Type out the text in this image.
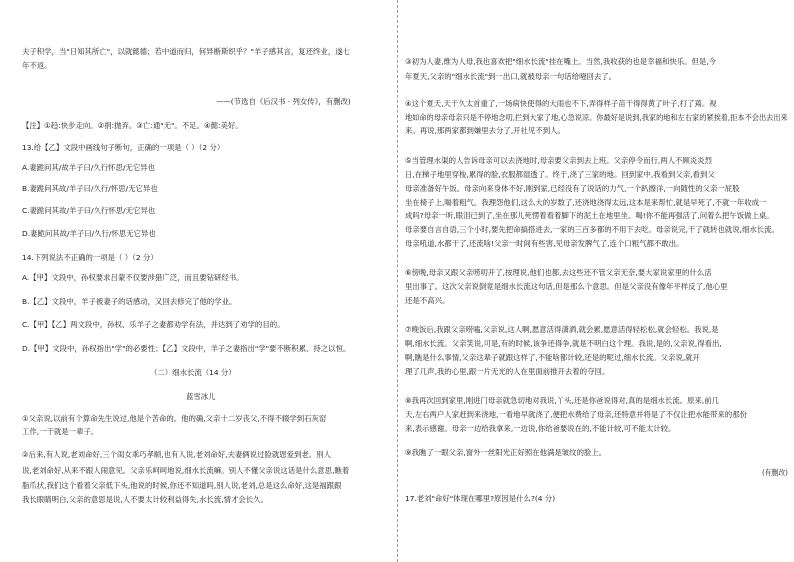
夫子积学，当"日知其所亡"，以就懿德；若中道而归，何异断斯织乎？"羊子感其言，复还终业，遂七
年不返。
——(节选自《后汉书 · 列女传》，有删改)
【注】①趋:快步走向。②捐:抛弃。③亡:通"无"。不足。④懿:美好。
13.给【乙】文段中画线句子断句，正确的一项是（ ）（2 分）
A.妻跪问其/故羊子曰/久行怀思/无它异也
B.妻跪问其故/羊子曰/久行/怀思/无它异也
C.妻跪问其故/羊子曰/久行怀思/无它异也
D.妻跪问其故/羊子曰/久行/怀思无它异也
14.下列说法不正确的一项是（ ）（2 分）
A.【甲】文段中，孙权要求吕蒙不仅要涉猎广泛，而且要钻研经书。
B.【乙】文段中，羊子被妻子的话感动，又回去修完了他的学业。
C.【甲】【乙】两文段中，孙权、乐羊子之妻都劝学有法，并达到了劝学的目的。
D.【甲】文段中，孙权指出"学"的必要性；【乙】文段中，羊子之妻指出"学"要不断积累、持之以恒。
（二）细水长流（14 分）
蓝雪冰儿
①父亲说,以前有个算命先生说过,他是个苦命的。他的确,父亲十二岁丧父,不得不辍学到石灰窑
工作,一干就是一辈子。
②后来,有人说,老刘命好,三个闺女乖巧孝顺,也有人说,老刘命好,夫妻俩说过脸就恩爱到老。别人
说,老刘命好,从来不跟人闹意见。父亲乐呵呵地说,细水长流嘛。别人不懂父亲说这话是什么意思,瞧着
脂爪状,我们这个看着父亲低下头,他说的时候,你还不知道吗,别人说,老刘,总是这么命好,这是福跟跟
我长眼睛明白,父亲的意思是说,人不要太计较利益得失,水长流,情才会长久。
③初为人妻,维为人母,我也喜欢把"细水长流"挂在嘴上。当然,我收获的也是幸福和快乐。但是,今
年夏天,父亲的"细水长流"到一出口,就被母亲一句话给噎回去了。
④这个夏天,天干久太首重了,一场病快使得的大雨也不下,弄得样子苗干得得黄了叶子,打了蔫。视
地如命的母亲母亲只是不停地念叨,拦到大家了地,心急说凉。你最好是说到,我家的地和左右家的紧挨着,拒本不会出去出来
来。再说,那两家都到嫌里去分了,开社见不到人。
⑤当管理水渠的人告诉母亲可以去浇地时,母亲要父亲到去上班。父亲停令而行,两人不顾炎炎烈
日,在梯子地里穿梭,累得的脸,衣服都湿透了。终于,浇了三家的地。回到家中,我看到父亲,看到父
母亲准备好午饭。母亲向来身体不好,刚到家,已经没有了说话的力气,一个趴擦洋,一向随性的父亲一屁股
坐在椅子上,喘着粗气。我理怨他们,这么大的岁数了,还浇地浇得太远,这本是来帮忙,就是早死了,不就一年收成一
成吗?母亲一听,眼泪已到了,坐在那儿死愣着看着脚下的泥土在地里坐。喝!你不能再强活了,问着么把午饭做上桌。
母亲要自言自语,三个小时,要先把命搞搭进去,一家的三百多都的不用下去吃。母亲说完,干了就转也就说,细水长流。
母亲吼道,水都干了,还流啥!父亲一时间有些害,见母亲发脾气了,连个口粗气都不敢出。
⑥傍晚,母亲又跟父亲唠叨开了,按理说,他们也都,去这些还不管父亲无奈,要大家说家里的什么活
里出事了。这次父亲说倒竟是细水长流这句话,但是那么个意思。但是父亲没有像年平样反了,他心里
还是不高兴。
⑦晚饭后,我跟父亲唠嗑,父亲说,这人啊,愿意活得潇洒,就会累,愿意活得轻松松,就会轻松。我说,是
啊,细水长流。父亲笑说,可是,有的时候,该争还得争,就是不明白这个理。我说,是的,父亲说,得看出,
啊,瞧是什么事情,父亲这辈子就跟这样了,不能啥都计较,还是的呢过,细水长流。父亲说,就开
理了几声,我的心里,跟一片无光的人在里面前推开去着的夺回。
⑧我再次回到家里,刚进门母亲就急切地对我说,丫头,还是你爸说得对,真的是细水长流。原来,前几
天,左右两户人家赶到来浇地,一看地早就浇了,便把水费给了母亲,还特意并将是了不仅让把水能带来的那份
来,表示感谢。母亲一边给我拿来,一边说,你给爸要说在的,不能计较,可不能太计较。
⑨我瞧了一眼父亲,窗外一丝阳光正好照在他满是皱纹的脸上。
(有删改)
17.老刘"命好"体现在哪里?原因是什么?(4 分)
